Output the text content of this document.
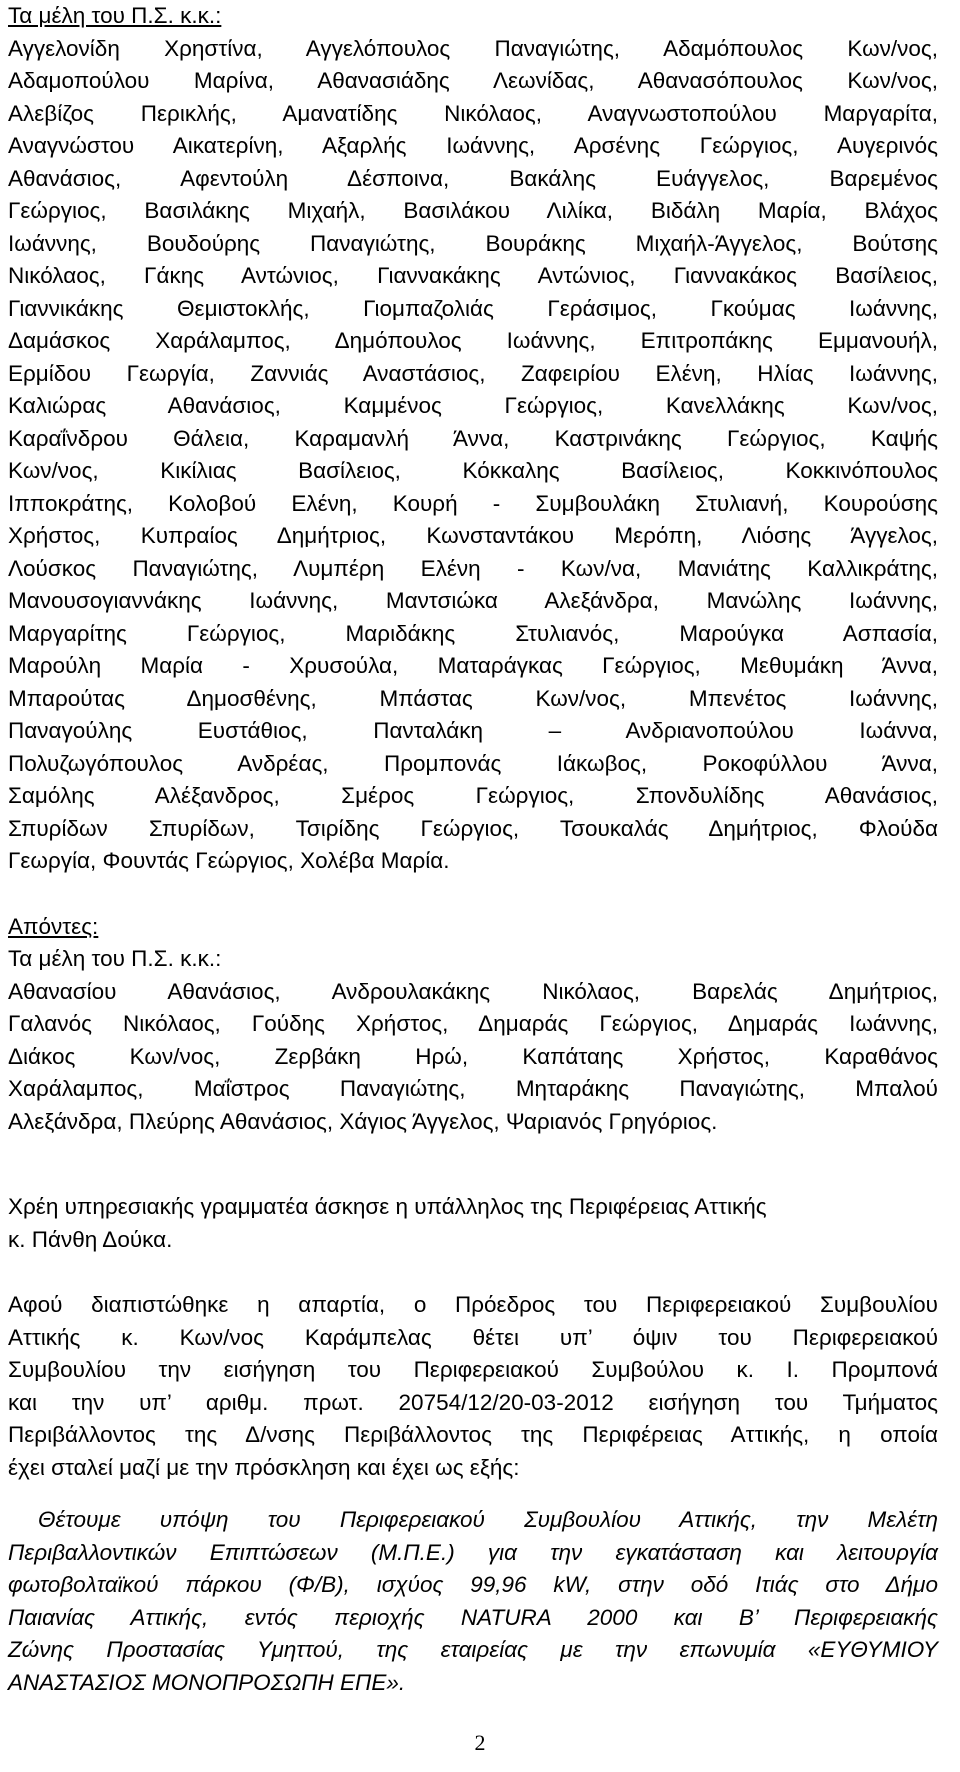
Τα μέλη του Π.Σ. κ.κ.:
Αγγελονίδη Χρηστίνα, Αγγελόπουλος Παναγιώτης, Αδαμόπουλος Κων/νος,
Αδαμοπούλου Μαρίνα, Αθανασιάδης Λεωνίδας, Αθανασόπουλος Κων/νος,
Αλεβίζος Περικλής, Αμανατίδης Νικόλαος, Αναγνωστοπούλου Μαργαρίτα,
Αναγνώστου Αικατερίνη, Αξαρλής Ιωάννης, Αρσένης Γεώργιος, Αυγερινός
Αθανάσιος, Αφεντούλη Δέσποινα, Βακάλης Ευάγγελος, Βαρεμένος
Γεώργιος, Βασιλάκης Μιχαήλ, Βασιλάκου Λιλίκα, Βιδάλη Μαρία, Βλάχος
Ιωάννης, Βουδούρης Παναγιώτης, Βουράκης Μιχαήλ-Άγγελος, Βούτσης
Νικόλαος, Γάκης Αντώνιος, Γιαννακάκης Αντώνιος, Γιαννακάκος Βασίλειος,
Γιαννικάκης Θεμιστοκλής, Γιομπαζολιάς Γεράσιμος, Γκούμας Ιωάννης,
Δαμάσκος Χαράλαμπος, Δημόπουλος Ιωάννης, Επιτροπάκης Εμμανουήλ,
Ερμίδου Γεωργία, Ζαννιάς Αναστάσιος, Ζαφειρίου Ελένη, Ηλίας Ιωάννης,
Καλιώρας Αθανάσιος, Καμμένος Γεώργιος, Κανελλάκης Κων/νος,
Καραΐνδρου Θάλεια, Καραμανλή Άννα, Καστρινάκης Γεώργιος, Καψής
Κων/νος, Κικίλιας Βασίλειος, Κόκκαλης Βασίλειος, Κοκκινόπουλος
Ιπποκράτης, Κολοβού Ελένη, Κουρή - Συμβουλάκη Στυλιανή, Κουρούσης
Χρήστος, Κυπραίος Δημήτριος, Κωνσταντάκου Μερόπη, Λιόσης Άγγελος,
Λούσκος Παναγιώτης, Λυμπέρη Ελένη - Κων/να, Μανιάτης Καλλικράτης,
Μανουσογιαννάκης Ιωάννης, Μαντσιώκα Αλεξάνδρα, Μανώλης Ιωάννης,
Μαργαρίτης Γεώργιος, Μαριδάκης Στυλιανός, Μαρούγκα Ασπασία,
Μαρούλη Μαρία - Χρυσούλα, Ματαράγκας Γεώργιος, Μεθυμάκη Άννα,
Μπαρούτας Δημοσθένης, Μπάστας Κων/νος, Μπενέτος Ιωάννης,
Παναγούλης Ευστάθιος, Πανταλάκη – Ανδριανοπούλου Ιωάννα,
Πολυζωγόπουλος Ανδρέας, Προμπονάς Ιάκωβος, Ροκοφύλλου Άννα,
Σαμόλης Αλέξανδρος, Σμέρος Γεώργιος, Σπονδυλίδης Αθανάσιος,
Σπυρίδων Σπυρίδων, Τσιρίδης Γεώργιος, Τσουκαλάς Δημήτριος, Φλούδα
Γεωργία, Φουντάς Γεώργιος, Χολέβα Μαρία.
Απόντες:
Τα μέλη του Π.Σ. κ.κ.:
Αθανασίου Αθανάσιος, Ανδρουλακάκης Νικόλαος, Βαρελάς Δημήτριος,
Γαλανός Νικόλαος, Γούδης Χρήστος, Δημαράς Γεώργιος, Δημαράς Ιωάννης,
Διάκος Κων/νος, Ζερβάκη Ηρώ, Καπάταης Χρήστος, Καραθάνος
Χαράλαμπος, Μαΐστρος Παναγιώτης, Μηταράκης Παναγιώτης, Μπαλού
Αλεξάνδρα, Πλεύρης Αθανάσιος, Χάγιος Άγγελος, Ψαριανός Γρηγόριος.
Χρέη υπηρεσιακής γραμματέα άσκησε η υπάλληλος της Περιφέρειας Αττικής
κ. Πάνθη Δούκα.
Αφού διαπιστώθηκε η απαρτία, ο Πρόεδρος του Περιφερειακού Συμβουλίου
Αττικής κ. Κων/νος Καράμπελας θέτει υπ’ όψιν του Περιφερειακού
Συμβουλίου την εισήγηση του Περιφερειακού Συμβούλου κ. Ι. Προμπονά
και την υπ’ αριθμ. πρωτ. 20754/12/20-03-2012 εισήγηση του Τμήματος
Περιβάλλοντος της Δ/νσης Περιβάλλοντος της Περιφέρειας Αττικής, η οποία
έχει σταλεί μαζί με την πρόσκληση και έχει ως εξής:
Θέτουμε υπόψη του Περιφερειακού Συμβουλίου Αττικής, την Μελέτη
Περιβαλλοντικών Επιπτώσεων (Μ.Π.Ε.) για την εγκατάσταση και λειτουργία
φωτοβολταϊκού πάρκου (Φ/Β), ισχύος 99,96 kW, στην οδό Ιτιάς στο Δήμο
Παιανίας Αττικής, εντός περιοχής NATURA 2000 και Β’ Περιφερειακής
Ζώνης Προστασίας Υμηττού, της εταιρείας με την επωνυμία «ΕΥΘΥΜΙΟΥ
ΑΝΑΣΤΑΣΙΟΣ ΜΟΝΟΠΡΟΣΩΠΗ ΕΠΕ».
2
